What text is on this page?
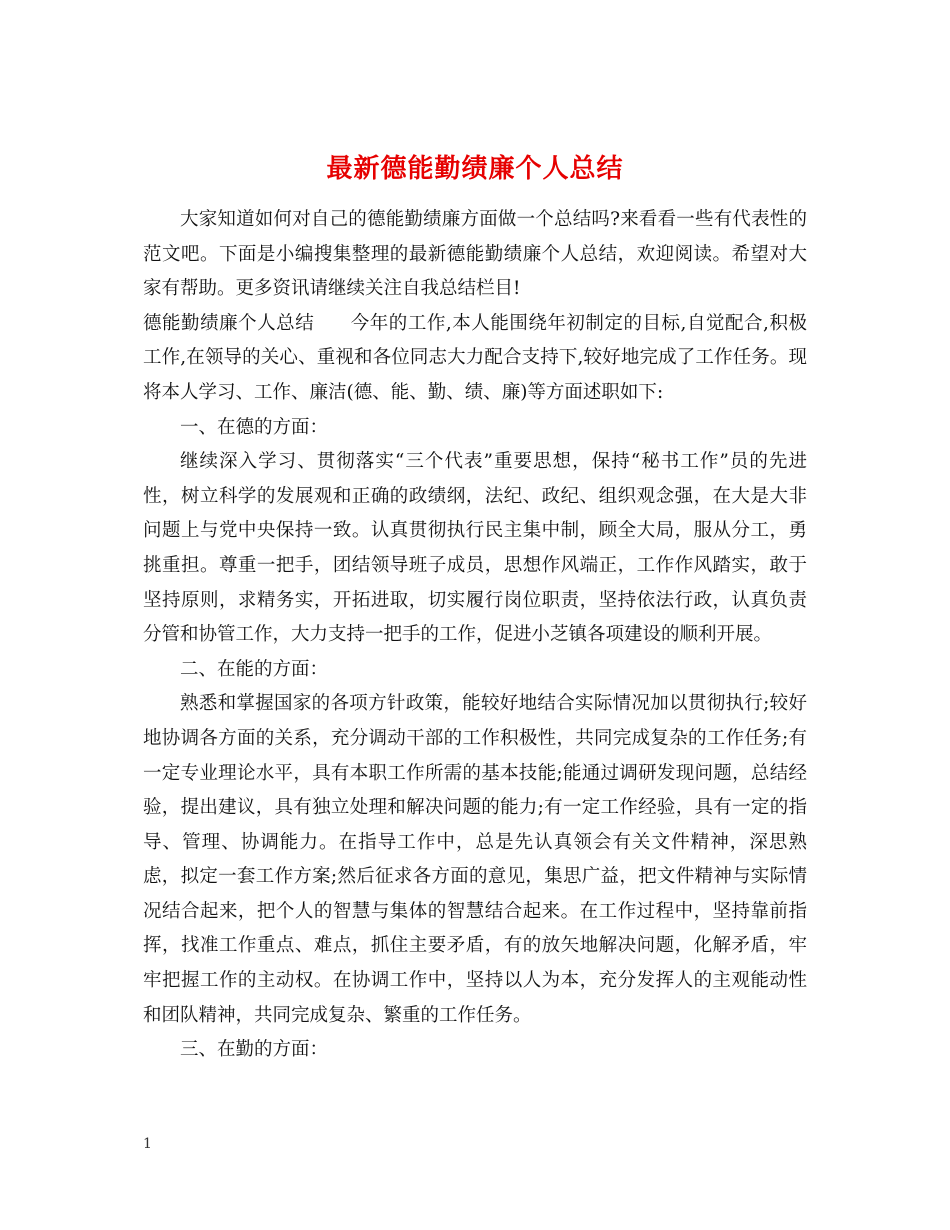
最新德能勤绩廉个人总结

大家知道如何对自己的德能勤绩廉方面做一个总结吗?来看看一些有代表性的范文吧。下面是小编搜集整理的最新德能勤绩廉个人总结，欢迎阅读。希望对大家有帮助。更多资讯请继续关注自我总结栏目!

德能勤绩廉个人总结 今年的工作,本人能围绕年初制定的目标,自觉配合,积极工作,在领导的关心、重视和各位同志大力配合支持下,较好地完成了工作任务。现将本人学习、工作、廉洁(德、能、勤、绩、廉)等方面述职如下:

一、在德的方面：

继续深入学习、贯彻落实“三个代表”重要思想，保持“秘书工作”员的先进性，树立科学的发展观和正确的政绩纲，法纪、政纪、组织观念强，在大是大非问题上与党中央保持一致。认真贯彻执行民主集中制，顾全大局，服从分工，勇挑重担。尊重一把手，团结领导班子成员，思想作风端正，工作作风踏实，敢于坚持原则，求精务实，开拓进取，切实履行岗位职责，坚持依法行政，认真负责分管和协管工作，大力支持一把手的工作，促进小芝镇各项建设的顺利开展。

二、在能的方面：

熟悉和掌握国家的各项方针政策，能较好地结合实际情况加以贯彻执行;较好地协调各方面的关系，充分调动干部的工作积极性，共同完成复杂的工作任务;有一定专业理论水平，具有本职工作所需的基本技能;能通过调研发现问题，总结经验，提出建议，具有独立处理和解决问题的能力;有一定工作经验，具有一定的指导、管理、协调能力。在指导工作中，总是先认真领会有关文件精神，深思熟虑，拟定一套工作方案;然后征求各方面的意见，集思广益，把文件精神与实际情况结合起来，把个人的智慧与集体的智慧结合起来。在工作过程中，坚持靠前指挥，找准工作重点、难点，抓住主要矛盾，有的放矢地解决问题，化解矛盾，牢牢把握工作的主动权。在协调工作中，坚持以人为本，充分发挥人的主观能动性和团队精神，共同完成复杂、繁重的工作任务。

三、在勤的方面：

1
